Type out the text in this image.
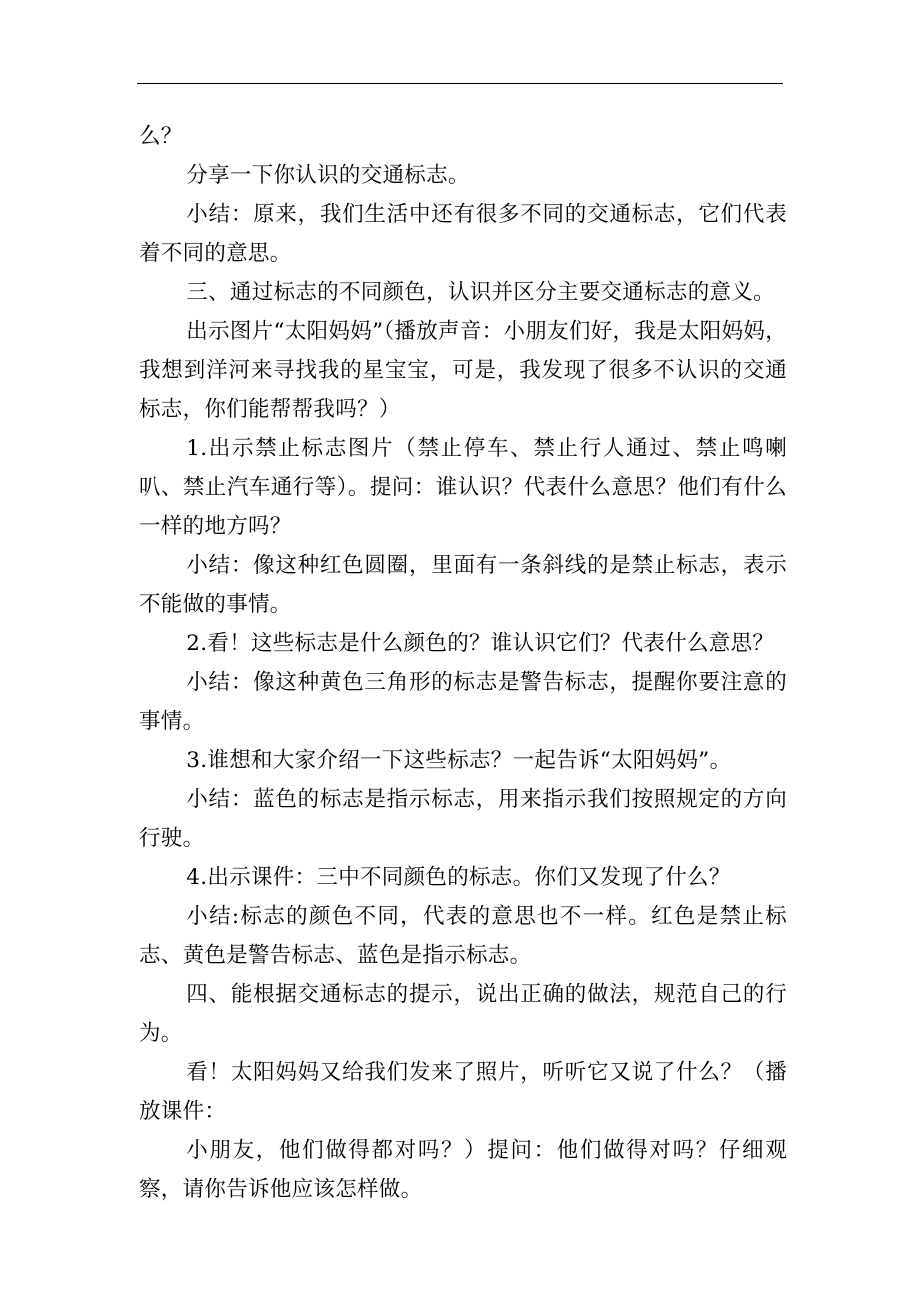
么？

分享一下你认识的交通标志。

小结：原来，我们生活中还有很多不同的交通标志，它们代表着不同的意思。

三、通过标志的不同颜色，认识并区分主要交通标志的意义。

出示图片“太阳妈妈”（播放声音：小朋友们好，我是太阳妈妈，我想到洋河来寻找我的星宝宝，可是，我发现了很多不认识的交通标志，你们能帮帮我吗？）

1.出示禁止标志图片（禁止停车、禁止行人通过、禁止鸣喇叭、禁止汽车通行等）。提问：谁认识？代表什么意思？他们有什么一样的地方吗？

小结：像这种红色圆圈，里面有一条斜线的是禁止标志，表示不能做的事情。

2.看！这些标志是什么颜色的？谁认识它们？代表什么意思？

小结：像这种黄色三角形的标志是警告标志，提醒你要注意的事情。

3.谁想和大家介绍一下这些标志？一起告诉“太阳妈妈”。

小结：蓝色的标志是指示标志，用来指示我们按照规定的方向行驶。

4.出示课件：三中不同颜色的标志。你们又发现了什么？

小结:标志的颜色不同，代表的意思也不一样。红色是禁止标志、黄色是警告标志、蓝色是指示标志。

四、能根据交通标志的提示，说出正确的做法，规范自己的行为。

看！太阳妈妈又给我们发来了照片，听听它又说了什么？（播放课件：

小朋友，他们做得都对吗？）提问：他们做得对吗？仔细观察，请你告诉他应该怎样做。
